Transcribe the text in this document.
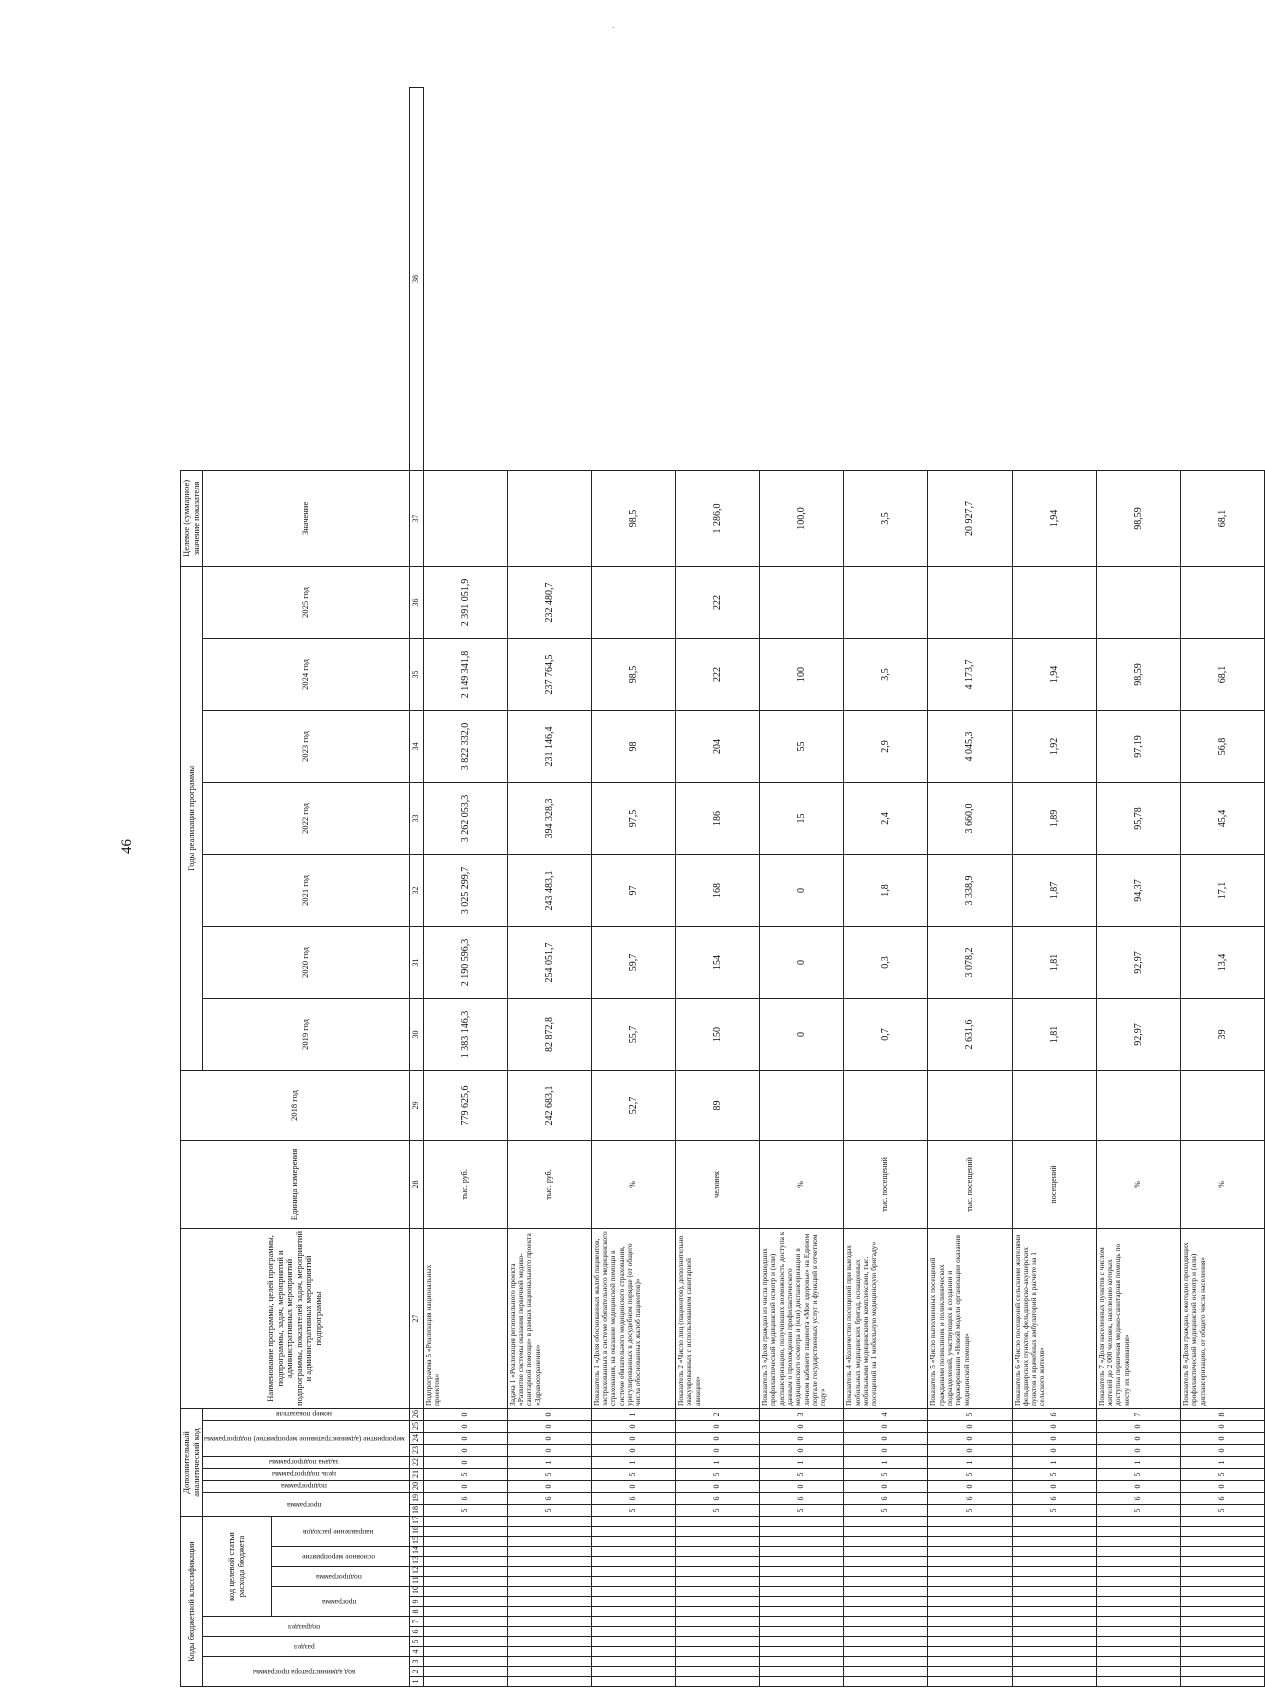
.
46
Коды бюджетной классификации																	Дополнительный аналитический код									Наименование программы, целей программы, подпрограммы, задач, мероприятий и административных мероприятий подпрограммы, показателей задач, мероприятий и административных мероприятий подпрограммы	Единица измерения	2018 год	Годы реализации программы							Целевое (суммарное) значение показателя	
код администратора программы			раздел		подраздел		код целевой статьи расхода бюджета										программа		подпрограмма	цель подпрограммы	задача подпрограммы	мероприятие (административное мероприятие) подпрограммы			номер показателя				2019 год	2020 год	2021 год	2022 год	2023 год	2024 год	2025 год	Значение	
							программа			подпрограмма		основное мероприятие		направление расходов																							
1	2	3	4	5	6	7	8	9	10	11	12	13	14	15	16	17	18	19	20	21	22	23	24	25	26	27	28	29	30	31	32	33	34	35	36	37	38
																	5	6	0	5	0	0	0	0	0	Подпрограмма 5 «Реализация национальных проектов»	тыс. руб.	779 625,6	1 383 146,3	2 190 596,3	3 025 299,7	3 262 053,3	3 822 332,0	2 149 341,8	2 391 051,9		
																	5	6	0	5	1	0	0	0	0	Задача 1 «Реализация регионального проекта «Развитие системы оказания первичной медико-санитарной помощи» в рамках национального проекта «Здравоохранение»	тыс. руб.	242 683,1	82 872,8	254 051,7	243 483,1	394 328,3	231 146,4	237 764,5	232 480,7		
																	5	6	0	5	1	0	0	0	1	Показатель 1 «Доля обоснованных жалоб пациентов, застрахованных в системе обязательного медицинского страхования, на оказание медицинской помощи в системе обязательного медицинского страхования, урегулированных в досудебном порядке (от общего числа обоснованных жалоб пациентов)»	%	52,7	55,7	59,7	97	97,5	98	98,5		98,5	
																	5	6	0	5	1	0	0	0	2	Показатель 2 «Число лиц (пациентов), дополнительно эвакуированных с использованием санитарной авиации»	человек	89	150	154	168	186	204	222	222	1 286,0	
																	5	6	0	5	1	0	0	0	3	Показатель 3 «Доля граждан из числа прошедших профилактический медицинский осмотр и (или) диспансеризацию, получивших возможность доступа к данным о прохождении профилактического медицинского осмотра и (или) диспансеризации в личном кабинете пациента «Мое здоровье» на Едином портале государственных услуг и функций в отчетном году»	%		0	0	0	15	55	100		100,0	
																	5	6	0	5	1	0	0	0	4	Показатель 4 «Количество посещений при выездах мобильных медицинских бригад, оснащенных мобильными медицинскими комплексами, тыс. посещений на 1 мобильную медицинскую бригаду»	тыс. посещений		0,7	0,3	1,8	2,4	2,9	3,5		3,5	
																	5	6	0	5	1	0	0	0	5	Показатель 5 «Число выполненных посещений гражданами поликлиник и поликлинических подразделений, участвующих в создании и тиражировании «Новой модели организации оказания медицинской помощи»	тыс. посещений		2 631,6	3 078,2	3 338,9	3 660,0	4 045,3	4 173,7		20 927,7	
																	5	6	0	5	1	0	0	0	6	Показатель 6 «Число посещений сельскими жителями фельдшерских пунктов, фельдшерско-акушерских пунктов и врачебных амбулаторий в расчете на 1 сельского жителя»	посещений		1,81	1,81	1,87	1,89	1,92	1,94		1,94	
																	5	6	0	5	1	0	0	0	7	Показатель 7 «Доля населенных пунктов с числом жителей до 2 000 человек, населению которых доступна первичная медико-санитарная помощь по месту их проживания»	%		92,97	92,97	94,37	95,78	97,19	98,59		98,59	
																	5	6	0	5	1	0	0	0	8	Показатель 8 «Доля граждан, ежегодно проходящих профилактический медицинский осмотр и (или) диспансеризацию, от общего числа населения»	%		39	13,4	17,1	45,4	56,8	68,1		68,1	
